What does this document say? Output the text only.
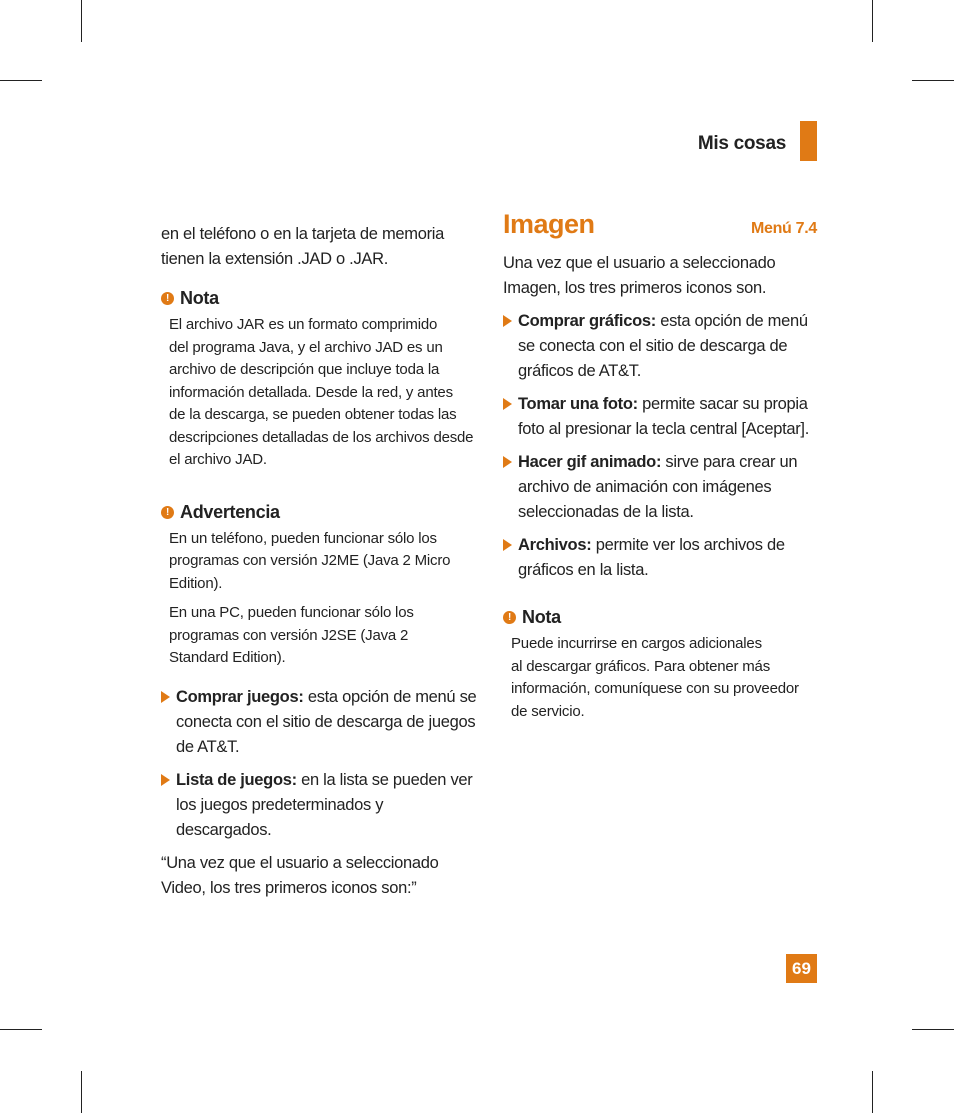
Mis cosas

en el teléfono o en la tarjeta de memoria tienen la extensión .JAD o .JAR.

! Nota
El archivo JAR es un formato comprimido
del programa Java, y el archivo JAD es un
archivo de descripción que incluye toda la
información detallada. Desde la red, y antes
de la descarga, se pueden obtener todas las
descripciones detalladas de los archivos desde
el archivo JAD.
! Advertencia

En un teléfono, pueden funcionar sólo los programas con versión J2ME (Java 2 Micro Edition).

En una PC, pueden funcionar sólo los programas con versión J2SE (Java 2 Standard Edition).

Comprar juegos: esta opción de menú se conecta con el sitio de descarga de juegos de AT&T.
Lista de juegos: en la lista se pueden ver los juegos predeterminados y descargados.

“Una vez que el usuario a seleccionado Video, los tres primeros iconos son:”

Imagen	Menú 7.4

Una vez que el usuario a seleccionado Imagen, los tres primeros iconos son.

Comprar gráficos: esta opción de menú se conecta con el sitio de descarga de gráficos de AT&T.
Tomar una foto: permite sacar su propia foto al presionar la tecla central [Aceptar].
Hacer gif animado: sirve para crear un archivo de animación con imágenes seleccionadas de la lista.
Archivos: permite ver los archivos de gráficos en la lista.
! Nota
Puede incurrirse en cargos adicionales
al descargar gráficos. Para obtener más
información, comuníquese con su proveedor
de servicio.
69
